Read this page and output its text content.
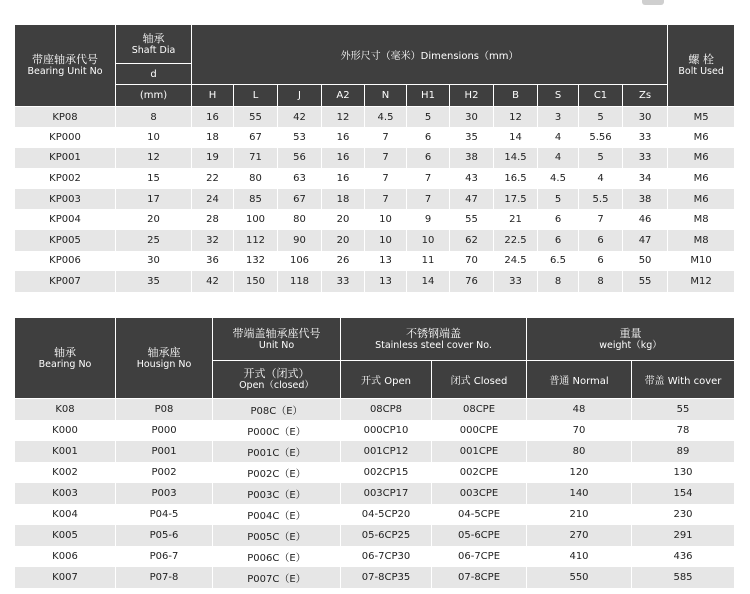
带座轴承代号
Bearing Unit No	轴承
Shaft Dia	外形尺寸（毫米）Dimensions（mm）											螺 栓
Bolt Used

	d												
	(mm)	H	L	J	A2	N	H1	H2	B	S	C1	Zs	
KP08	8	16	55	42	12	4.5	5	30	12	3	5	30	M5
KP000	10	18	67	53	16	7	6	35	14	4	5.56	33	M6
KP001	12	19	71	56	16	7	6	38	14.5	4	5	33	M6
KP002	15	22	80	63	16	7	7	43	16.5	4.5	4	34	M6
KP003	17	24	85	67	18	7	7	47	17.5	5	5.5	38	M6
KP004	20	28	100	80	20	10	9	55	21	6	7	46	M8
KP005	25	32	112	90	20	10	10	62	22.5	6	6	47	M8
KP006	30	36	132	106	26	13	11	70	24.5	6.5	6	50	M10
KP007	35	42	150	118	33	13	14	76	33	8	8	55	M12
轴承
Bearing No	轴承座
Housign No	带端盖轴承座代号
Unit No	不锈钢端盖
Stainless steel cover No.		重量
weight（kg）	

		开式（闭式）
Open（closed）	开式 Open	闭式 Closed	普通 Normal	带盖 With cover
K08	P08	P08C（E）	08CP8	08CPE	48	55
K000	P000	P000C（E）	000CP10	000CPE	70	78
K001	P001	P001C（E）	001CP12	001CPE	80	89
K002	P002	P002C（E）	002CP15	002CPE	120	130
K003	P003	P003C（E）	003CP17	003CPE	140	154
K004	P04-5	P004C（E）	04-5CP20	04-5CPE	210	230
K005	P05-6	P005C（E）	05-6CP25	05-6CPE	270	291
K006	P06-7	P006C（E）	06-7CP30	06-7CPE	410	436
K007	P07-8	P007C（E）	07-8CP35	07-8CPE	550	585
